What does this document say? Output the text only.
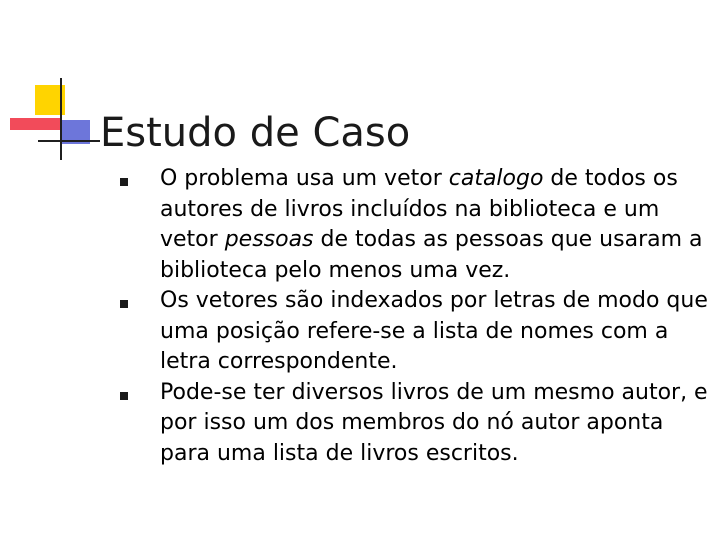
Estudo de Caso
O problema usa um vetor catalogo de todos os autores de livros incluídos na biblioteca e um vetor pessoas de todas as pessoas que usaram a biblioteca pelo menos uma vez.
Os vetores são indexados por letras de modo que uma posição refere-se a lista de nomes com a letra correspondente.
Pode-se ter diversos livros de um mesmo autor, e por isso um dos membros do nó autor aponta para uma lista de livros escritos.
